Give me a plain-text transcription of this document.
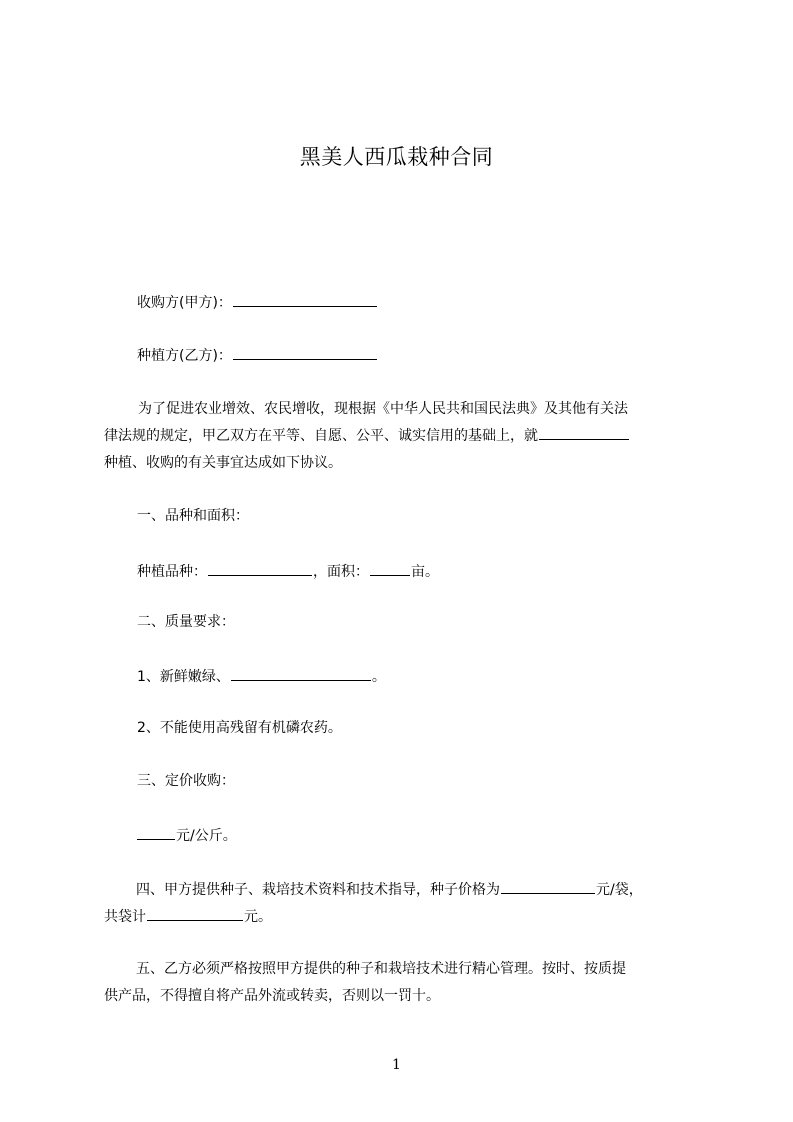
黑美人西瓜栽种合同
收购方(甲方)：
种植方(乙方)：
为了促进农业增效、农民增收，现根据《中华人民共和国民法典》及其他有关法
律法规的规定，甲乙双方在平等、自愿、公平、诚实信用的基础上，就
种植、收购的有关事宜达成如下协议。
一、品种和面积：
种植品种：	，面积：	亩。
二、质量要求：
1、新鲜嫩绿、	。
2、不能使用高残留有机磷农药。
三、定价收购：
元/公斤。
四、甲方提供种子、栽培技术资料和技术指导，种子价格为	元/袋，
共袋计	元。
五、乙方必须严格按照甲方提供的种子和栽培技术进行精心管理。按时、按质提
供产品，不得擅自将产品外流或转卖，否则以一罚十。
1
